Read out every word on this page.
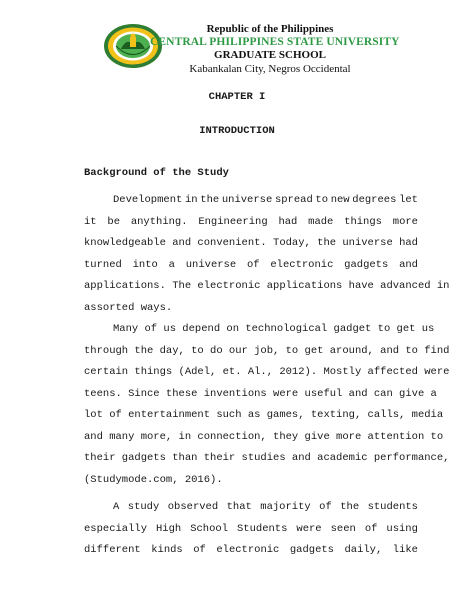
Republic of the Philippines
CENTRAL PHILIPPINES STATE UNIVERSITY
GRADUATE SCHOOL
Kabankalan City, Negros Occidental
CHAPTER I
INTRODUCTION
Background of the Study
Development in the universe spread to new degrees let
it be anything. Engineering had made things more
knowledgeable and convenient. Today, the universe had
turned into a universe of electronic gadgets and
applications. The electronic applications have advanced in
assorted ways.
Many of us depend on technological gadget to get us
through the day, to do our job, to get around, and to find
certain things (Adel, et. Al., 2012). Mostly affected were
teens. Since these inventions were useful and can give a
lot of entertainment such as games, texting, calls, media
and many more, in connection, they give more attention to
their gadgets than their studies and academic performance,
(Studymode.com, 2016).
A study observed that majority of the students
especially High School Students were seen of using
different kinds of electronic gadgets daily, like
